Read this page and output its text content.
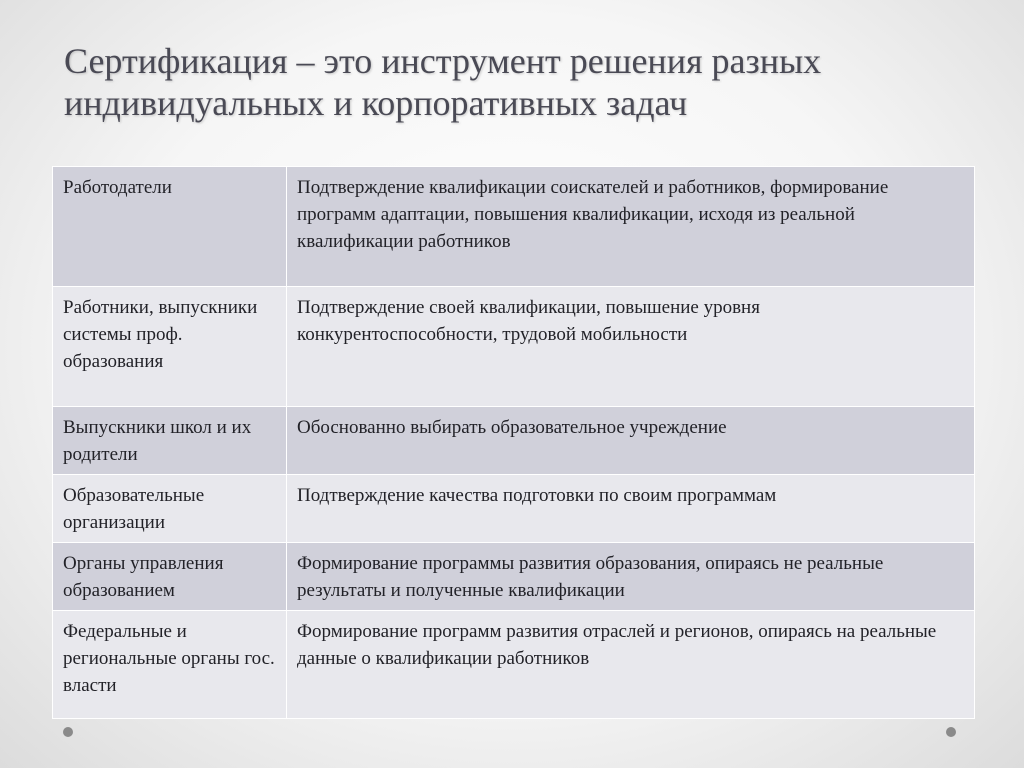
Сертификация – это инструмент решения разных индивидуальных и корпоративных задач
Работодатели	Подтверждение квалификации соискателей и работников, формирование программ адаптации, повышения квалификации, исходя из реальной квалификации работников
Работники, выпускники системы проф. образования	Подтверждение своей квалификации, повышение уровня конкурентоспособности, трудовой мобильности
Выпускники школ и их родители	Обоснованно выбирать образовательное учреждение
Образовательные организации	Подтверждение качества подготовки по своим программам
Органы управления образованием	Формирование программы развития образования, опираясь не реальные результаты и полученные квалификации
Федеральные и региональные органы гос. власти	Формирование программ развития отраслей и регионов, опираясь на реальные данные о квалификации работников
